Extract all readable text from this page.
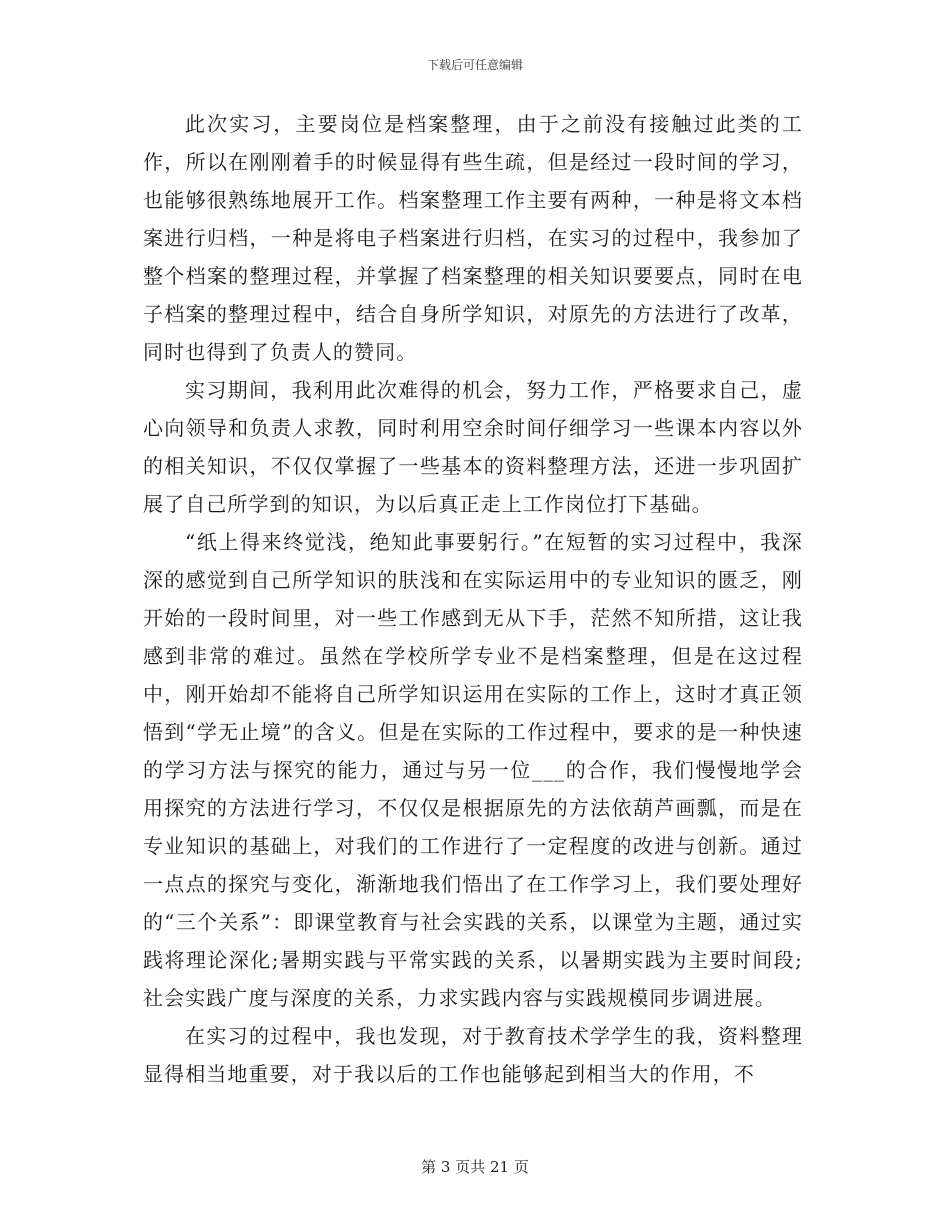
下载后可任意编辑

此次实习，主要岗位是档案整理，由于之前没有接触过此类的工作，所以在刚刚着手的时候显得有些生疏，但是经过一段时间的学习，也能够很熟练地展开工作。档案整理工作主要有两种，一种是将文本档案进行归档，一种是将电子档案进行归档，在实习的过程中，我参加了整个档案的整理过程，并掌握了档案整理的相关知识要要点，同时在电子档案的整理过程中，结合自身所学知识，对原先的方法进行了改革，同时也得到了负责人的赞同。

实习期间，我利用此次难得的机会，努力工作，严格要求自己，虚心向领导和负责人求教，同时利用空余时间仔细学习一些课本内容以外的相关知识，不仅仅掌握了一些基本的资料整理方法，还进一步巩固扩展了自己所学到的知识，为以后真正走上工作岗位打下基础。

“纸上得来终觉浅，绝知此事要躬行。”在短暂的实习过程中，我深深的感觉到自己所学知识的肤浅和在实际运用中的专业知识的匮乏，刚开始的一段时间里，对一些工作感到无从下手，茫然不知所措，这让我感到非常的难过。虽然在学校所学专业不是档案整理，但是在这过程中，刚开始却不能将自己所学知识运用在实际的工作上，这时才真正领悟到“学无止境”的含义。但是在实际的工作过程中，要求的是一种快速的学习方法与探究的能力，通过与另一位___的合作，我们慢慢地学会用探究的方法进行学习，不仅仅是根据原先的方法依葫芦画瓢，而是在专业知识的基础上，对我们的工作进行了一定程度的改进与创新。通过一点点的探究与变化，渐渐地我们悟出了在工作学习上，我们要处理好的“三个关系”：即课堂教育与社会实践的关系，以课堂为主题，通过实践将理论深化;暑期实践与平常实践的关系，以暑期实践为主要时间段;社会实践广度与深度的关系，力求实践内容与实践规模同步调进展。

在实习的过程中，我也发现，对于教育技术学学生的我，资料整理显得相当地重要，对于我以后的工作也能够起到相当大的作用，不

第 3 页共 21 页
